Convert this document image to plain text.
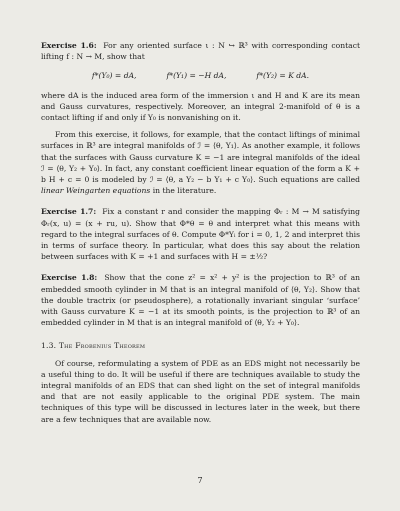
Exercise 1.6: For any oriented surface ι : N ↪ ℝ³ with corresponding contact lifting f : N → M, show that

f*(Υ₀) = dA,	f*(Υ₁) = −H dA,	f*(Υ₂) = K dA.

where dA is the induced area form of the immersion ι and H and K are its mean and Gauss curvatures, respectively. Moreover, an integral 2-manifold of θ is a contact lifting if and only if Υ₀ is nonvanishing on it.

From this exercise, it follows, for example, that the contact liftings of minimal surfaces in ℝ³ are integral manifolds of ℐ = ⟨θ, Υ₁⟩. As another example, it follows that the surfaces with Gauss curvature K = −1 are integral manifolds of the ideal ℐ = ⟨θ, Υ₂ + Υ₀⟩. In fact, any constant coefficient linear equation of the form a K + b H + c = 0 is modeled by ℐ = ⟨θ, a Υ₂ − b Υ₁ + c Υ₀⟩. Such equations are called linear Weingarten equations in the literature.

Exercise 1.7: Fix a constant r and consider the mapping Φᵣ : M → M satisfying Φᵣ(x, u) = (x + ru, u). Show that Φ*θ = θ and interpret what this means with regard to the integral surfaces of θ. Compute Φ*Υᵢ for i = 0, 1, 2 and interpret this in terms of surface theory. In particular, what does this say about the relation between surfaces with K = +1 and surfaces with H = ±½?

Exercise 1.8: Show that the cone z² = x² + y² is the projection to ℝ³ of an embedded smooth cylinder in M that is an integral manifold of ⟨θ, Υ₂⟩. Show that the double tractrix (or pseudosphere), a rotationally invariant singular ‘surface’ with Gauss curvature K = −1 at its smooth points, is the projection to ℝ³ of an embedded cylinder in M that is an integral manifold of ⟨θ, Υ₂ + Υ₀⟩.

1.3. The Frobenius Theorem

Of course, reformulating a system of PDE as an EDS might not necessarily be a useful thing to do. It will be useful if there are techniques available to study the integral manifolds of an EDS that can shed light on the set of integral manifolds and that are not easily applicable to the original PDE system. The main techniques of this type will be discussed in lectures later in the week, but there are a few techniques that are available now.

7
